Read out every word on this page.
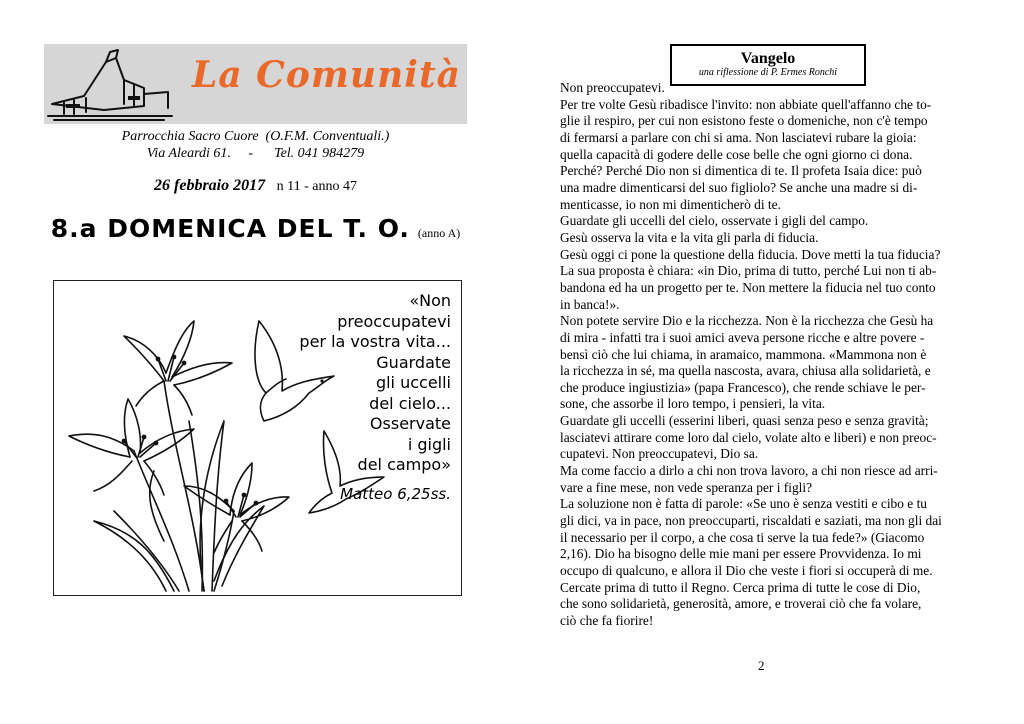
La Comunità
Parrocchia Sacro Cuore  (O.F.M. Conventuali.)
Via Aleardi 61.     -      Tel. 041 984279
26 febbraio 2017 n 11 - anno 47
8.a DOMENICA DEL T. O. (anno A)
«Non
preoccupatevi
per la vostra vita...
Guardate
gli uccelli
del cielo...
Osservate
i gigli
del campo»
Matteo 6,25ss.
Vangelo
una riflessione di P. Ermes Ronchi
Non preoccupatevi.
Per tre volte Gesù ribadisce l'invito: non abbiate quell'affanno che to-
glie il respiro, per cui non esistono feste o domeniche, non c'è tempo
di fermarsi a parlare con chi si ama. Non lasciatevi rubare la gioia:
quella capacità di godere delle cose belle che ogni giorno ci dona.
Perché? Perché Dio non si dimentica di te. Il profeta Isaia dice: può
una madre dimenticarsi del suo figliolo? Se anche una madre si di-
menticasse, io non mi dimenticherò di te.
Guardate gli uccelli del cielo, osservate i gigli del campo.
Gesù osserva la vita e la vita gli parla di fiducia.
Gesù oggi ci pone la questione della fiducia. Dove metti la tua fiducia?
La sua proposta è chiara: «in Dio, prima di tutto, perché Lui non ti ab-
bandona ed ha un progetto per te. Non mettere la fiducia nel tuo conto
in banca!».
Non potete servire Dio e la ricchezza. Non è la ricchezza che Gesù ha
di mira - infatti tra i suoi amici aveva persone ricche e altre povere -
bensì ciò che lui chiama, in aramaico, mammona. «Mammona non è
la ricchezza in sé, ma quella nascosta, avara, chiusa alla solidarietà, e
che produce ingiustizia» (papa Francesco), che rende schiave le per-
sone, che assorbe il loro tempo, i pensieri, la vita.
Guardate gli uccelli (esserini liberi, quasi senza peso e senza gravità;
lasciatevi attirare come loro dal cielo, volate alto e liberi) e non preoc-
cupatevi. Non preoccupatevi, Dio sa.
Ma come faccio a dirlo a chi non trova lavoro, a chi non riesce ad arri-
vare a fine mese, non vede speranza per i figli?
La soluzione non è fatta di parole: «Se uno è senza vestiti e cibo e tu
gli dici, va in pace, non preoccuparti, riscaldati e saziati, ma non gli dai
il necessario per il corpo, a che cosa ti serve la tua fede?» (Giacomo
2,16). Dio ha bisogno delle mie mani per essere Provvidenza. Io mi
occupo di qualcuno, e allora il Dio che veste i fiori si occuperà di me.
Cercate prima di tutto il Regno. Cerca prima di tutte le cose di Dio,
che sono solidarietà, generosità, amore, e troverai ciò che fa volare,
ciò che fa fiorire!
2
